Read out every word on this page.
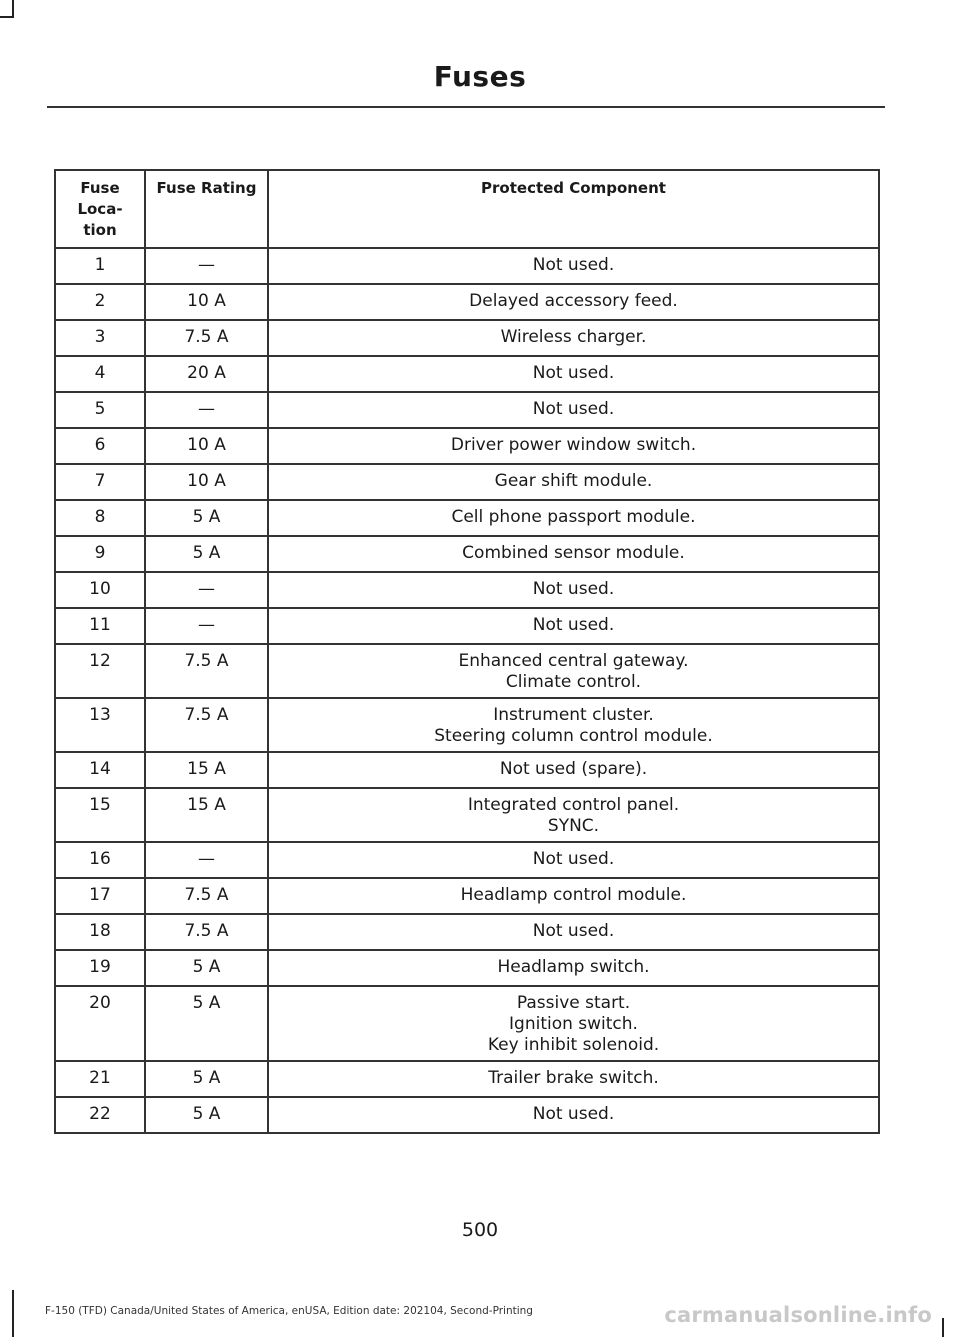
Fuses
Fuse Loca- tion	Fuse Rating	Protected Component
1	—	Not used.

2	10 A	Delayed accessory feed.

3	7.5 A	Wireless charger.

4	20 A	Not used.

5	—	Not used.

6	10 A	Driver power window switch.

7	10 A	Gear shift module.

8	5 A	Cell phone passport module.

9	5 A	Combined sensor module.

10	—	Not used.

11	—	Not used.

12	7.5 A	Enhanced central gateway.
Climate control.

13	7.5 A	Instrument cluster.
Steering column control module.

14	15 A	Not used (spare).

15	15 A	Integrated control panel.
SYNC.

16	—	Not used.

17	7.5 A	Headlamp control module.

18	7.5 A	Not used.

19	5 A	Headlamp switch.

20	5 A	Passive start.
Ignition switch.
Key inhibit solenoid.

21	5 A	Trailer brake switch.

22	5 A	Not used.
500
F-150 (TFD) Canada/United States of America, enUSA, Edition date: 202104, Second-Printing	carmanualsonline.info
